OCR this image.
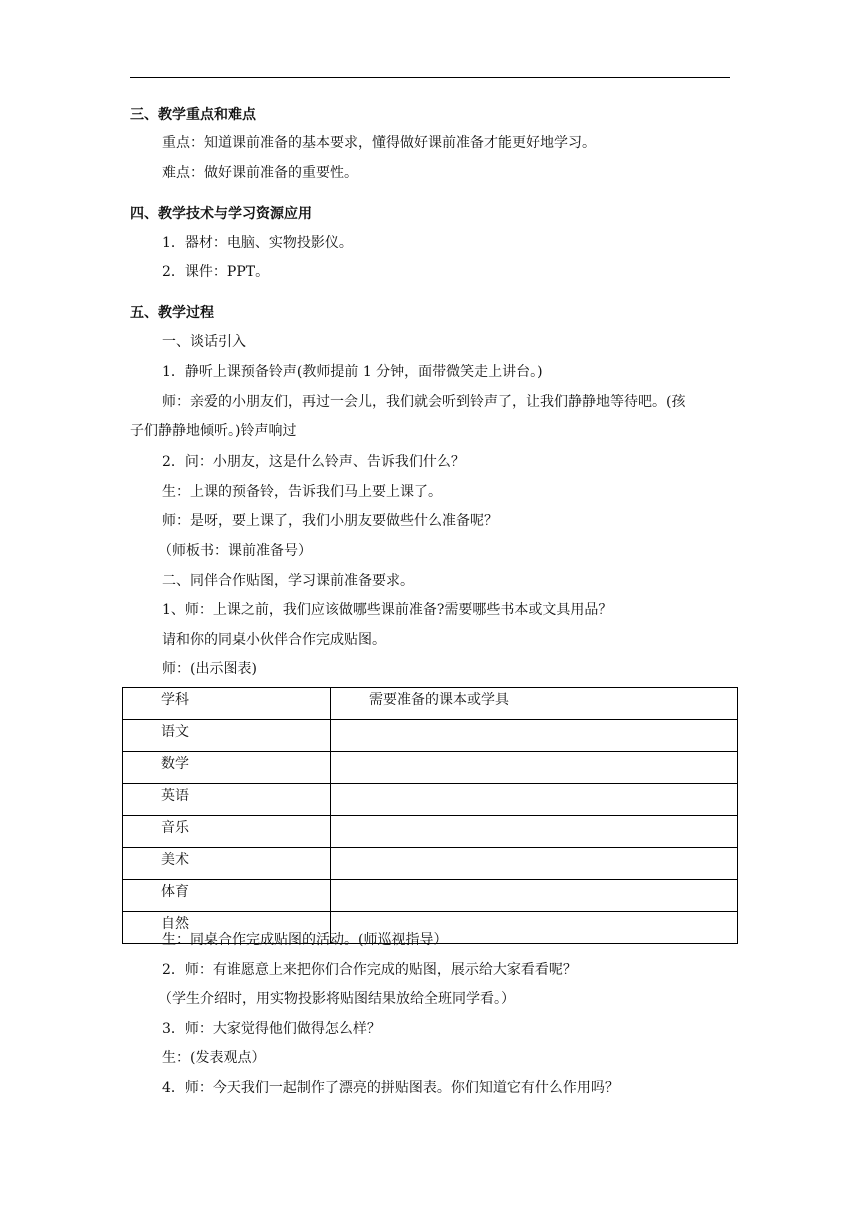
三、教学重点和难点
重点：知道课前准备的基本要求，懂得做好课前准备才能更好地学习。
难点：做好课前准备的重要性。
四、教学技术与学习资源应用
1．器材：电脑、实物投影仪。
2．课件：PPT。
五、教学过程
一、谈话引入
1．静听上课预备铃声(教师提前 1 分钟，面带微笑走上讲台。)
师：亲爱的小朋友们，再过一会儿，我们就会听到铃声了，让我们静静地等待吧。(孩
子们静静地倾听。)铃声响过
2．问：小朋友，这是什么铃声、告诉我们什么？
生：上课的预备铃，告诉我们马上要上课了。
师：是呀，要上课了，我们小朋友要做些什么准备呢？
（师板书：课前准备号）
二、同伴合作贴图，学习课前准备要求。
1、师：上课之前，我们应该做哪些课前准备?需要哪些书本或文具用品？
请和你的同桌小伙伴合作完成贴图。
师：(出示图表)
学科	需要准备的课本或学具
语文	
数学	
英语	
音乐	
美术	
体育	
自然	
生：同桌合作完成贴图的活动。(师巡视指导）
2．师：有谁愿意上来把你们合作完成的贴图，展示给大家看看呢？
（学生介绍时，用实物投影将贴图结果放给全班同学看。）
3．师：大家觉得他们做得怎么样？
生：(发表观点）
4．师：今天我们一起制作了漂亮的拼贴图表。你们知道它有什么作用吗？
